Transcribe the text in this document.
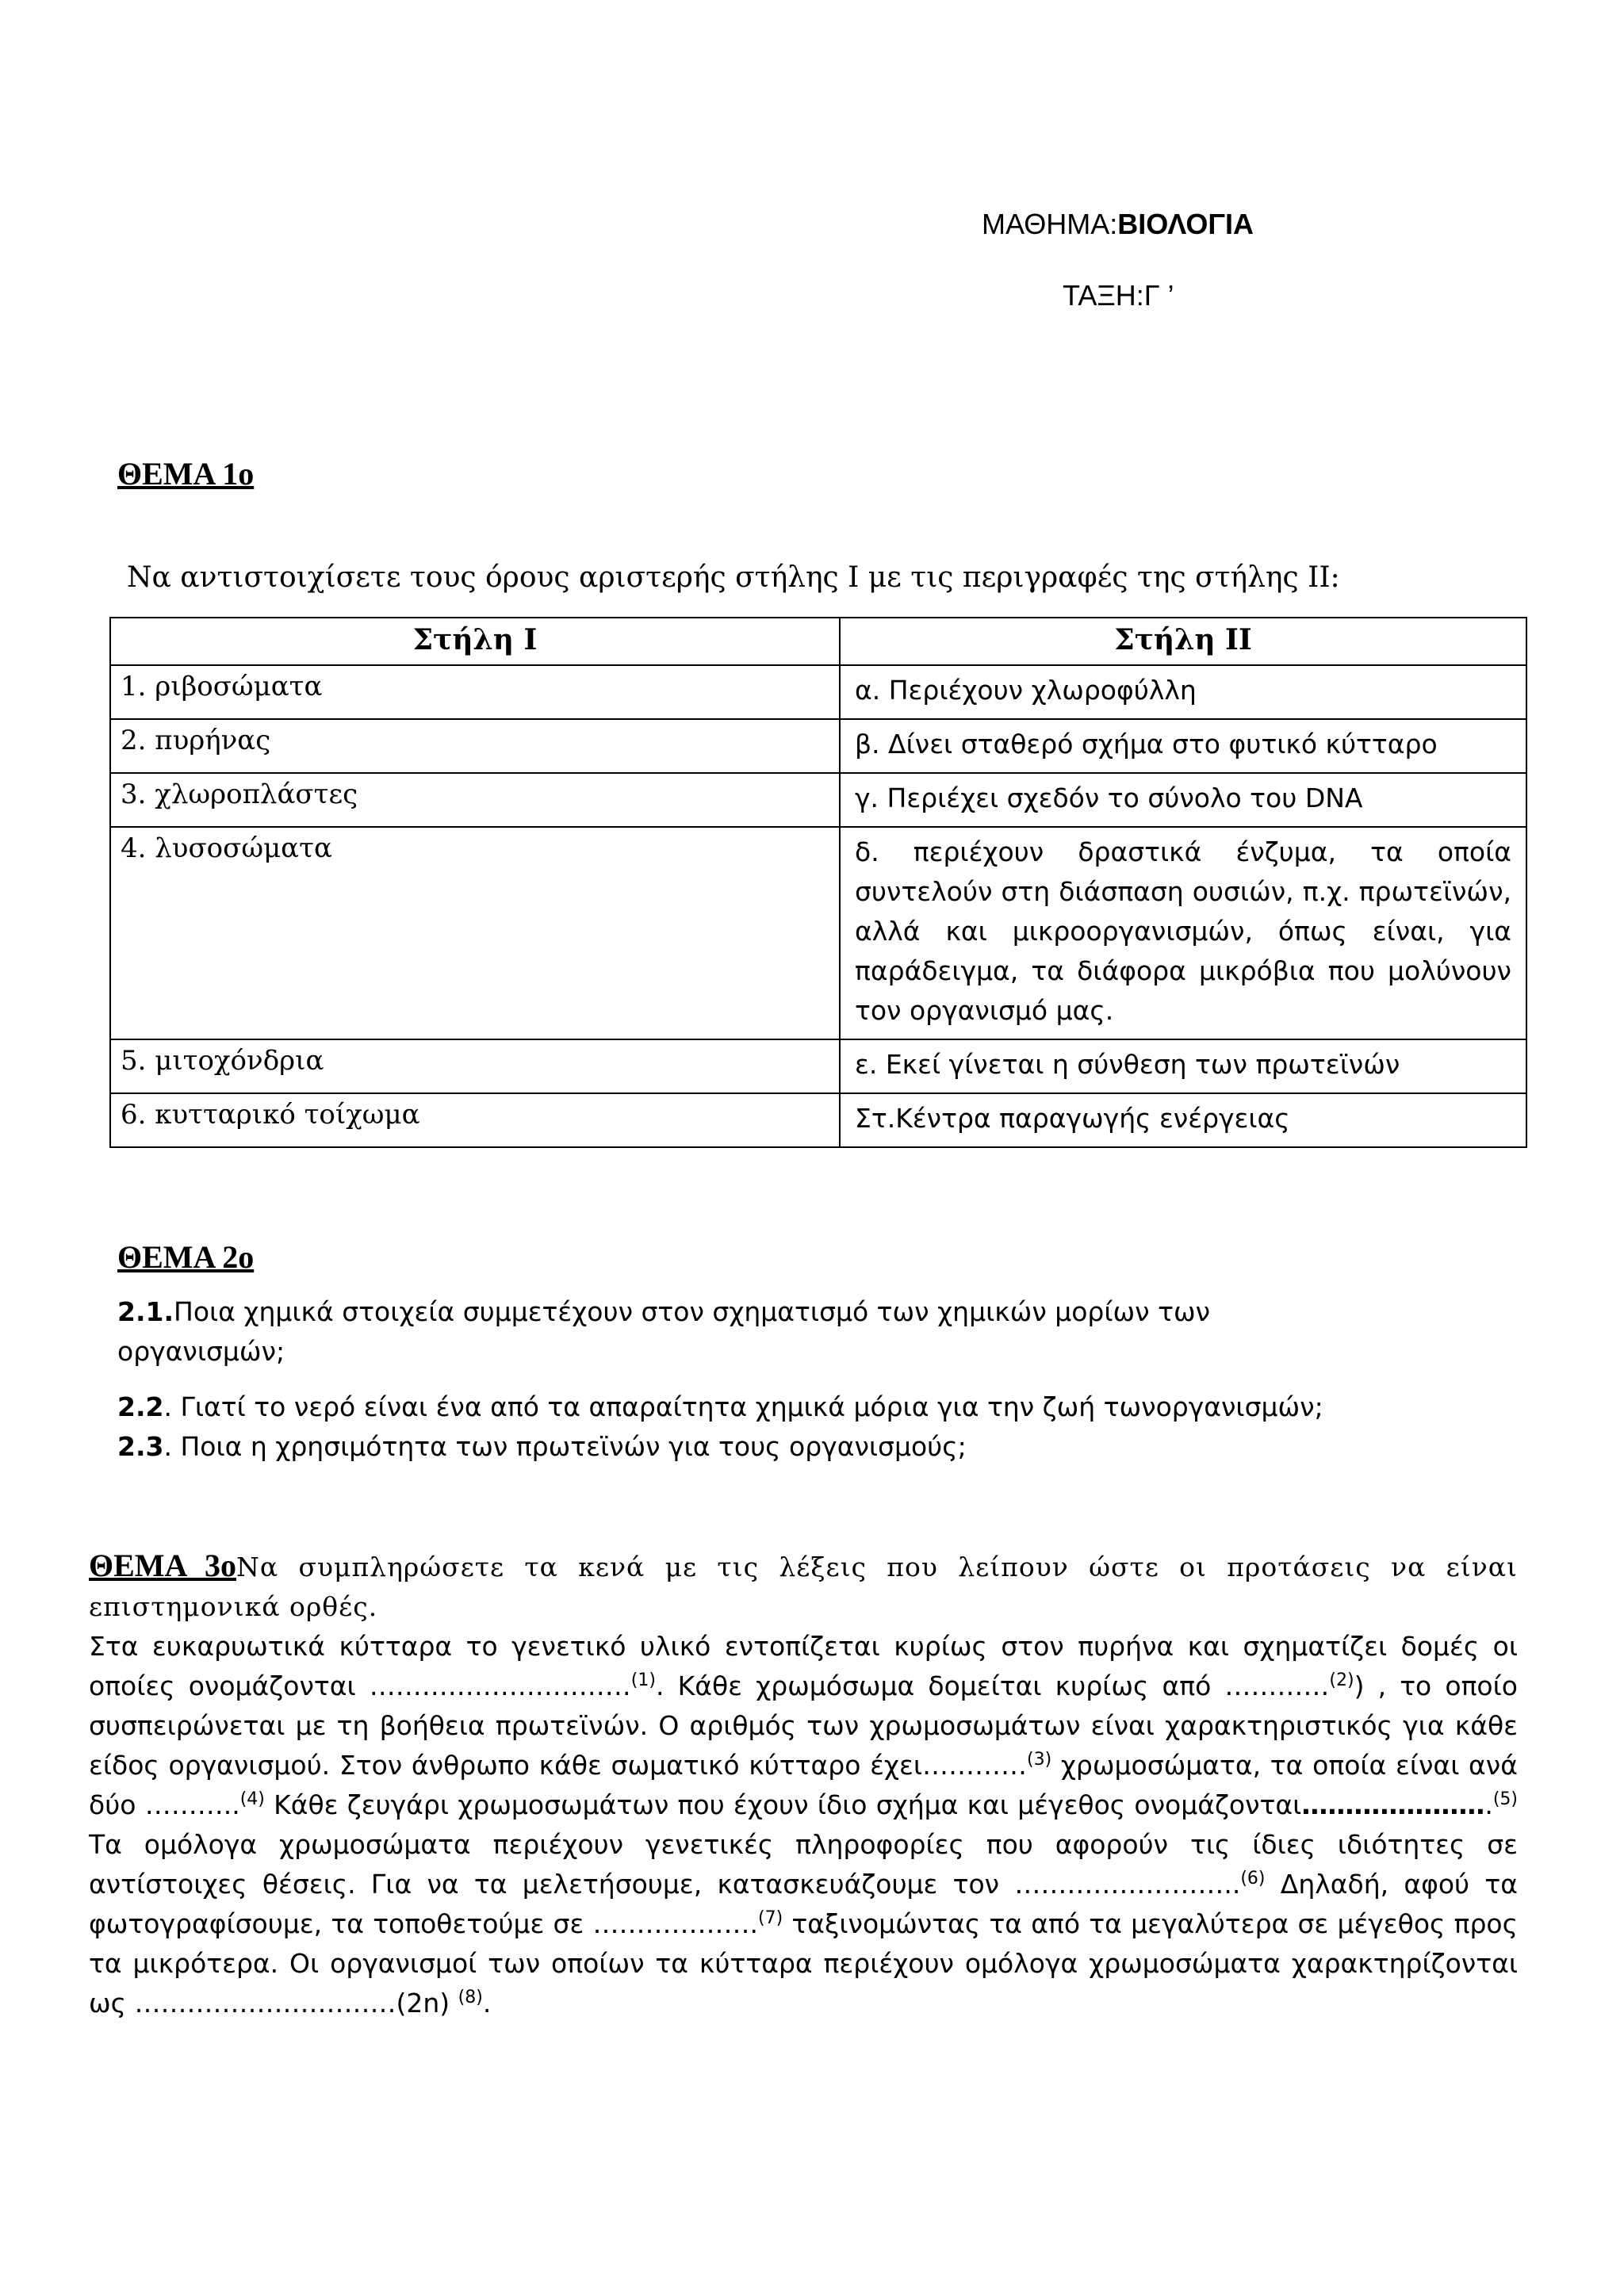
ΜΑΘΗΜΑ:ΒΙΟΛΟΓΙΑ
ΤΑΞΗ:Γ ’
ΘΕΜΑ 1ο
Να αντιστοιχίσετε τους όρους αριστερής στήλης Ι με τις περιγραφές της στήλης ΙΙ:
Στήλη Ι	Στήλη ΙΙ
1. ριβοσώματα	α. Περιέχουν χλωροφύλλη
2. πυρήνας	β. Δίνει σταθερό σχήμα στο φυτικό κύτταρο
3. χλωροπλάστες	γ. Περιέχει σχεδόν το σύνολο του DNA
4. λυσοσώματα	δ. περιέχουν δραστικά ένζυμα, τα οποία συντελούν στη διάσπαση ουσιών, π.χ. πρωτεϊνών, αλλά και μικροοργανισμών, όπως είναι, για παράδειγμα, τα διάφορα μικρόβια που μολύνουν τον οργανισμό μας.
5. μιτοχόνδρια	ε. Εκεί γίνεται η σύνθεση των πρωτεϊνών
6. κυτταρικό τοίχωμα	Στ.Κέντρα παραγωγής ενέργειας
ΘΕΜΑ 2ο
2.1.Ποια χημικά στοιχεία συμμετέχουν στον σχηματισμό των χημικών μορίων των οργανισμών;
2.2. Γιατί το νερό είναι ένα από τα απαραίτητα χημικά μόρια για την ζωή τωνοργανισμών;
2.3. Ποια η χρησιμότητα των πρωτεϊνών για τους οργανισμούς;
ΘΕΜΑ 3οΝα συμπληρώσετε τα κενά με τις λέξεις που λείπουν ώστε οι προτάσεις να είναι επιστημονικά ορθές.
Στα ευκαρυωτικά κύτταρα το γενετικό υλικό εντοπίζεται κυρίως στον πυρήνα και σχηματίζει δομές οι οποίες ονομάζονται …………………………$^{(1)}$. Κάθε χρωμόσωμα δομείται κυρίως από …………$^{(2)}$) , το οποίο συσπειρώνεται με τη βοήθεια πρωτεϊνών. Ο αριθμός των χρωμοσωμάτων είναι χαρακτηριστικός για κάθε είδος οργανισμού. Στον άνθρωπο κάθε σωματικό κύτταρο έχει…………$^{(3)}$ χρωμοσώματα, τα οποία είναι ανά δύο ………..$^{(4)}$ Κάθε ζευγάρι χρωμοσωμάτων που έχουν ίδιο σχήμα και μέγεθος ονομάζονται………………….$^{(5)}$ Τα ομόλογα χρωμοσώματα περιέχουν γενετικές πληροφορίες που αφορούν τις ίδιες ιδιότητες σε αντίστοιχες θέσεις. Για να τα μελετήσουμε, κατασκευάζουμε τον ……………………..$^{(6)}$ Δηλαδή, αφού τα φωτογραφίσουμε, τα τοποθετούμε σε ……………….$^{(7)}$ ταξινομώντας τα από τα μεγαλύτερα σε μέγεθος προς τα μικρότερα. Οι οργανισμοί των οποίων τα κύτταρα περιέχουν ομόλογα χρωμοσώματα χαρακτηρίζονται ως …………………………(2n) $^{(8)}$.
